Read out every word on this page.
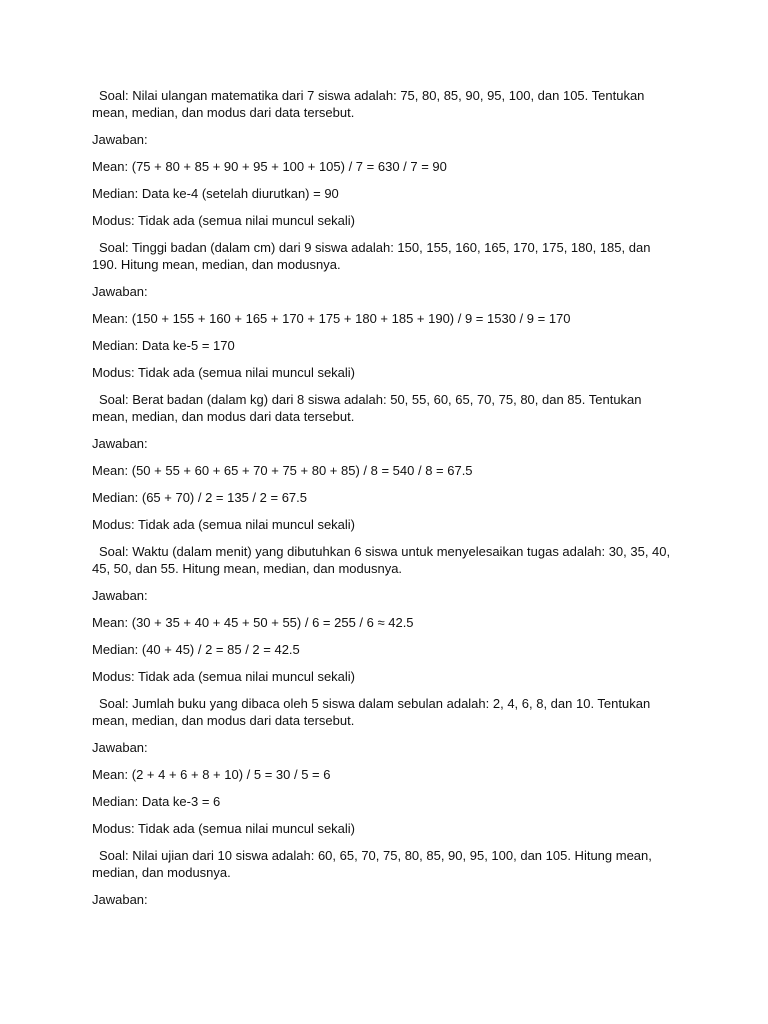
Soal: Nilai ulangan matematika dari 7 siswa adalah: 75, 80, 85, 90, 95, 100, dan 105. Tentukan mean, median, dan modus dari data tersebut.

Jawaban:

Mean: (75 + 80 + 85 + 90 + 95 + 100 + 105) / 7 = 630 / 7 = 90

Median: Data ke-4 (setelah diurutkan) = 90

Modus: Tidak ada (semua nilai muncul sekali)

Soal: Tinggi badan (dalam cm) dari 9 siswa adalah: 150, 155, 160, 165, 170, 175, 180, 185, dan 190. Hitung mean, median, dan modusnya.

Jawaban:

Mean: (150 + 155 + 160 + 165 + 170 + 175 + 180 + 185 + 190) / 9 = 1530 / 9 = 170

Median: Data ke-5 = 170

Modus: Tidak ada (semua nilai muncul sekali)

Soal: Berat badan (dalam kg) dari 8 siswa adalah: 50, 55, 60, 65, 70, 75, 80, dan 85. Tentukan mean, median, dan modus dari data tersebut.

Jawaban:

Mean: (50 + 55 + 60 + 65 + 70 + 75 + 80 + 85) / 8 = 540 / 8 = 67.5

Median: (65 + 70) / 2 = 135 / 2 = 67.5

Modus: Tidak ada (semua nilai muncul sekali)

Soal: Waktu (dalam menit) yang dibutuhkan 6 siswa untuk menyelesaikan tugas adalah: 30, 35, 40, 45, 50, dan 55. Hitung mean, median, dan modusnya.

Jawaban:

Mean: (30 + 35 + 40 + 45 + 50 + 55) / 6 = 255 / 6 ≈ 42.5

Median: (40 + 45) / 2 = 85 / 2 = 42.5

Modus: Tidak ada (semua nilai muncul sekali)

Soal: Jumlah buku yang dibaca oleh 5 siswa dalam sebulan adalah: 2, 4, 6, 8, dan 10. Tentukan mean, median, dan modus dari data tersebut.

Jawaban:

Mean: (2 + 4 + 6 + 8 + 10) / 5 = 30 / 5 = 6

Median: Data ke-3 = 6

Modus: Tidak ada (semua nilai muncul sekali)

Soal: Nilai ujian dari 10 siswa adalah: 60, 65, 70, 75, 80, 85, 90, 95, 100, dan 105. Hitung mean, median, dan modusnya.

Jawaban:
